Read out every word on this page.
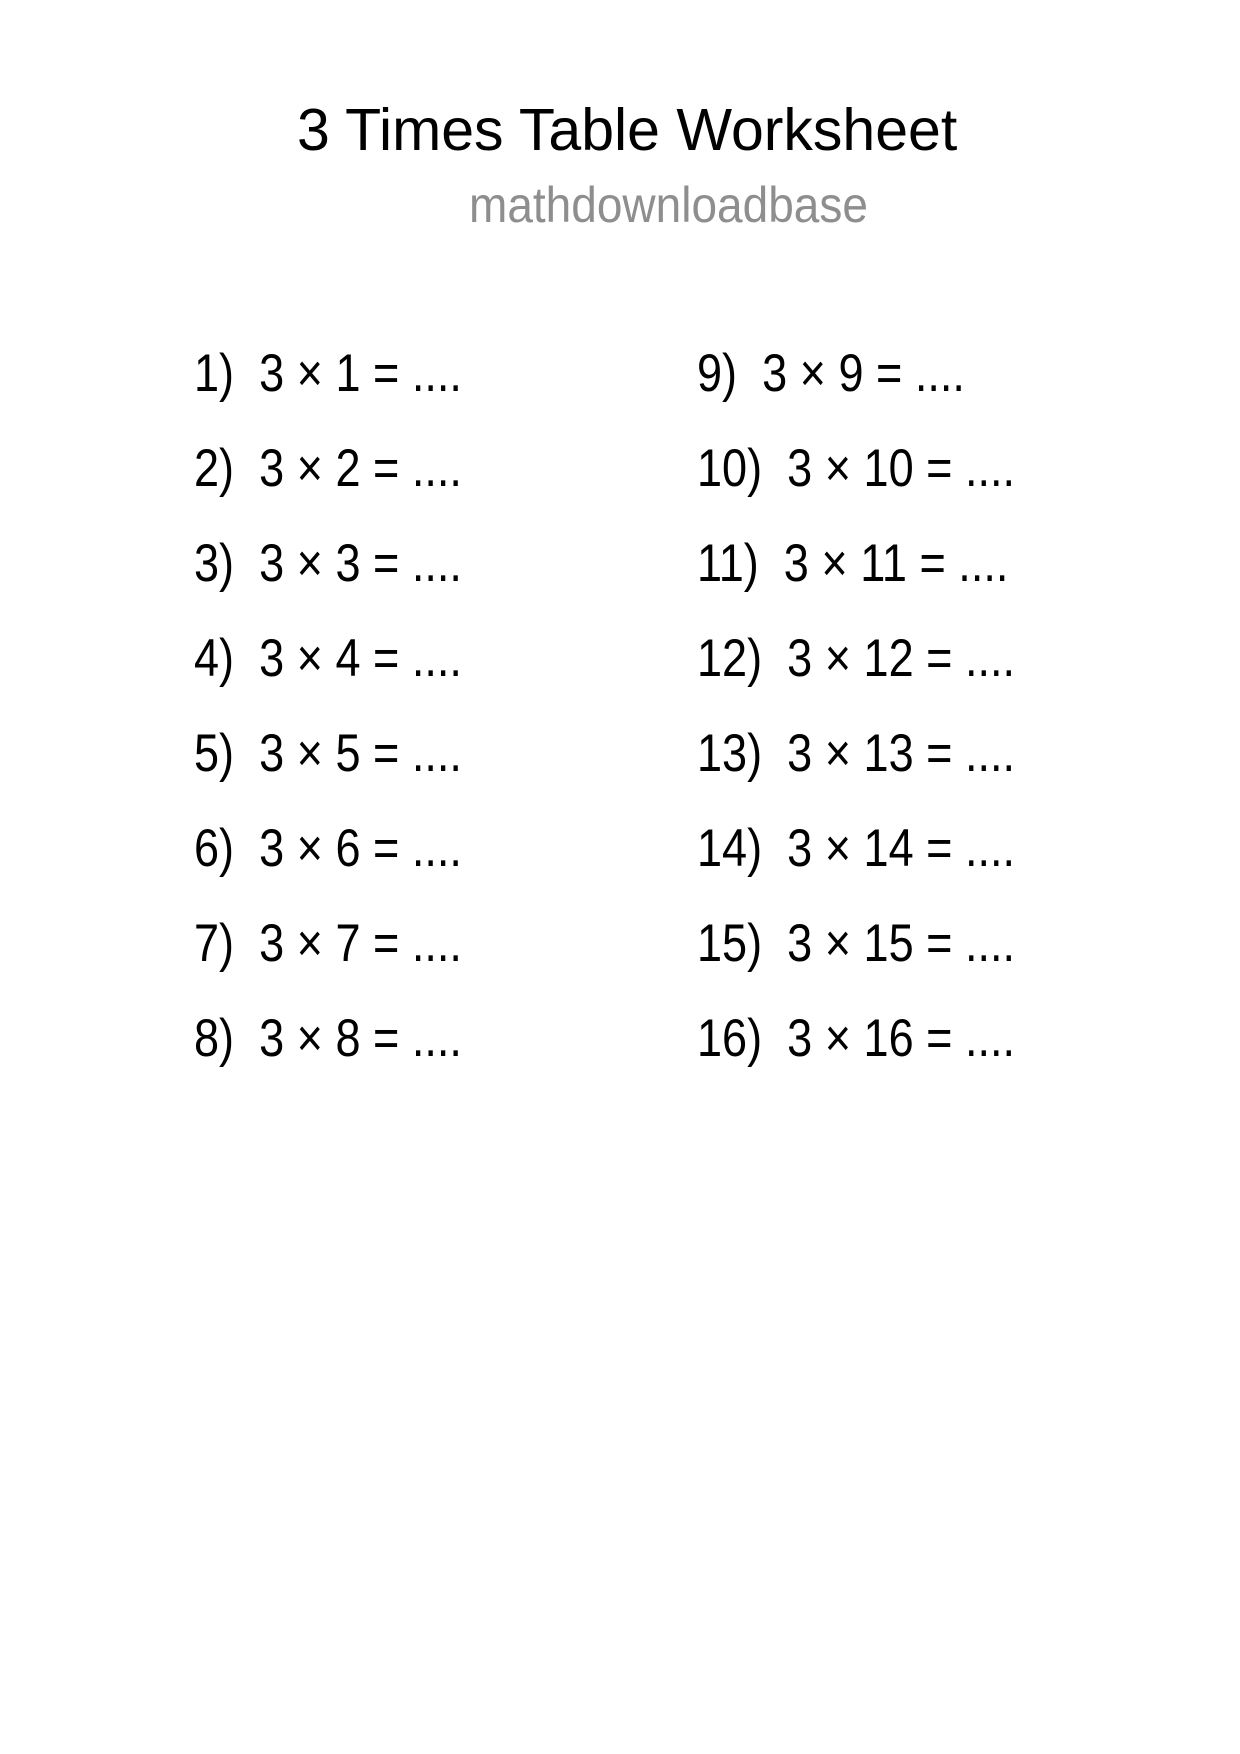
3 Times Table Worksheet
mathdownloadbase
1)  3 × 1 = ....
2)  3 × 2 = ....
3)  3 × 3 = ....
4)  3 × 4 = ....
5)  3 × 5 = ....
6)  3 × 6 = ....
7)  3 × 7 = ....
8)  3 × 8 = ....
9)  3 × 9 = ....
10)  3 × 10 = ....
11)  3 × 11 = ....
12)  3 × 12 = ....
13)  3 × 13 = ....
14)  3 × 14 = ....
15)  3 × 15 = ....
16)  3 × 16 = ....
